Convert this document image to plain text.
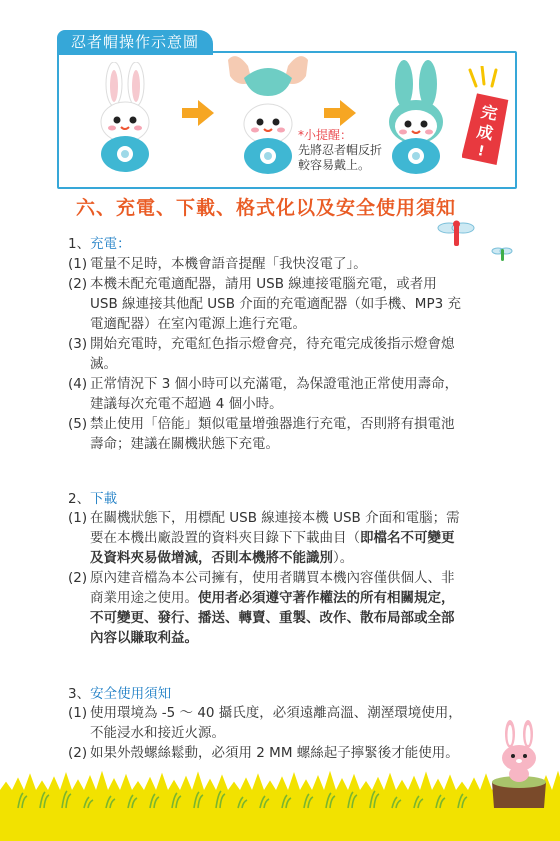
忍者帽操作示意圖
*小提醒：
先將忍者帽反折
較容易戴上。
完
成
!
六、充電、下載、格式化以及安全使用須知
1、充電：
(1) 電量不足時，本機會語音提醒「我快沒電了」。
(2) 本機未配充電適配器，請用 USB 線連接電腦充電，或者用
USB 線連接其他配 USB 介面的充電適配器（如手機、MP3 充
電適配器）在室內電源上進行充電。
(3) 開始充電時，充電紅色指示燈會亮，待充電完成後指示燈會熄
滅。
(4) 正常情況下 3 個小時可以充滿電，為保證電池正常使用壽命，
建議每次充電不超過 4 個小時。
(5) 禁止使用「倍能」類似電量增強器進行充電，否則將有損電池
壽命；建議在關機狀態下充電。
2、下載
(1) 在關機狀態下，用標配 USB 線連接本機 USB 介面和電腦；需
要在本機出廠設置的資料夾目錄下下載曲目（即檔名不可變更
及資料夾易做增減，否則本機將不能識別）。
(2) 原內建音檔為本公司擁有，使用者購買本機內容僅供個人、非
商業用途之使用。使用者必須遵守著作權法的所有相關規定，
不可變更、發行、播送、轉賣、重製、改作、散布局部或全部
內容以賺取利益。
3、安全使用須知
(1) 使用環境為 -5 ～ 40 攝氏度，必須遠離高溫、潮溼環境使用，
不能浸水和接近火源。
(2) 如果外殼螺絲鬆動，必須用 2 MM 螺絲起子擰緊後才能使用。
